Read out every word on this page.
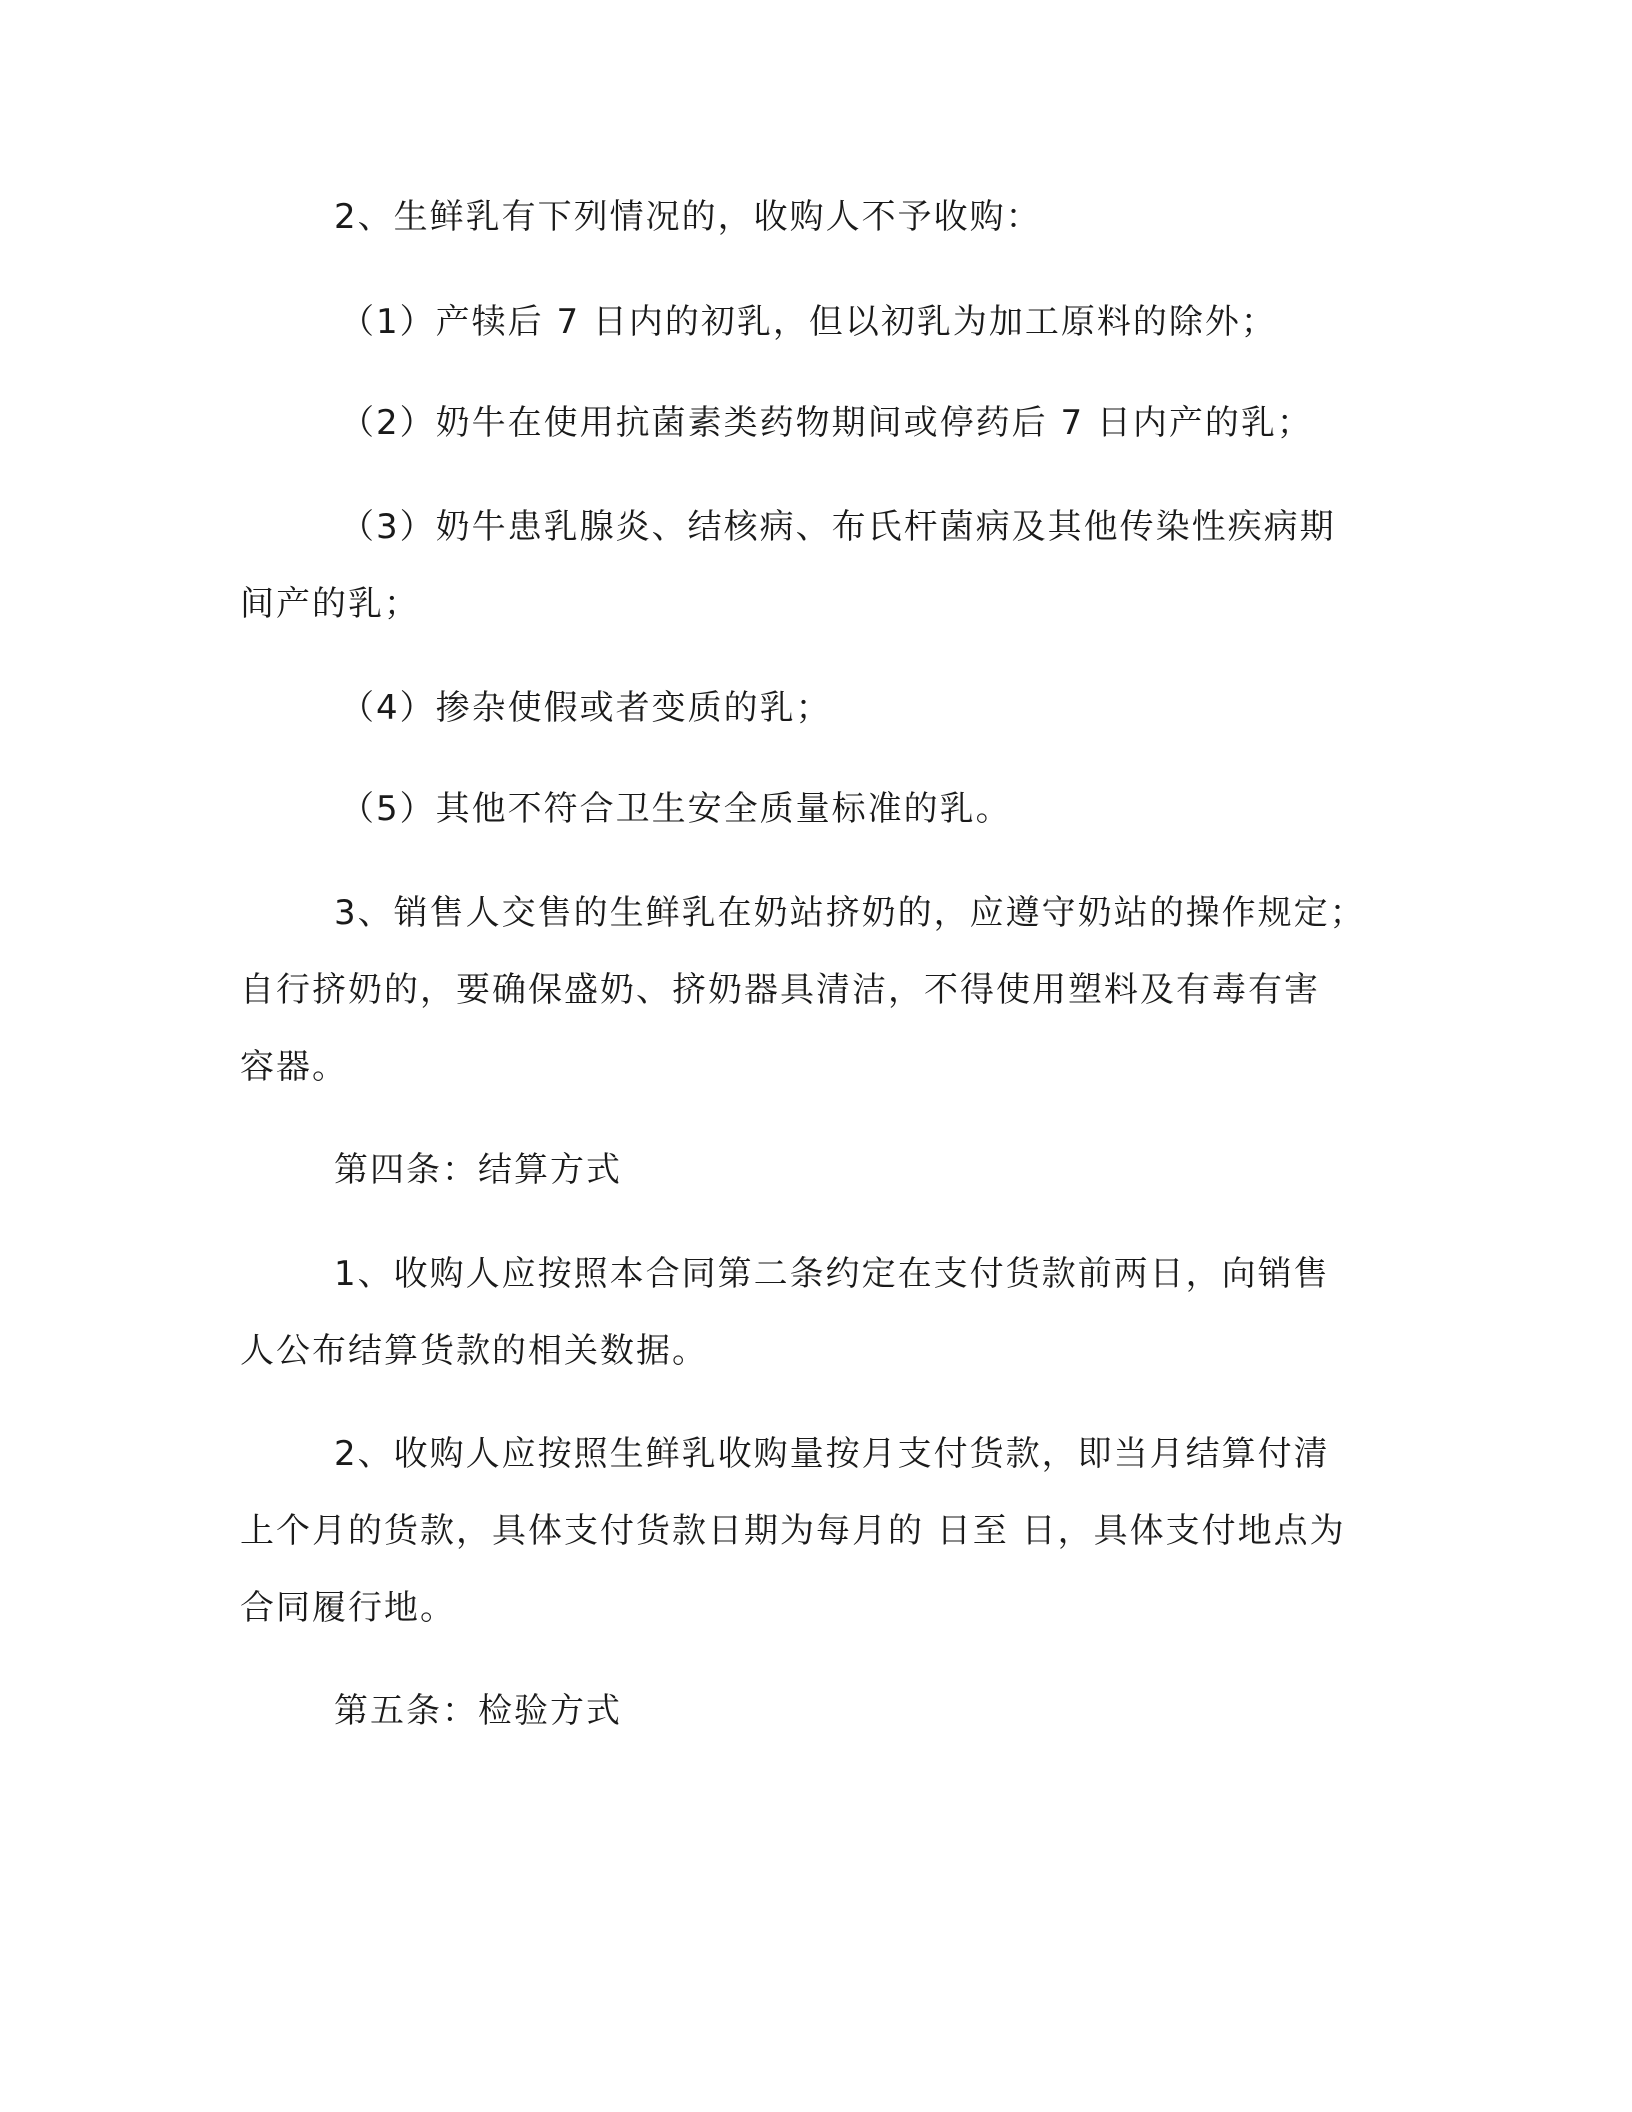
2、生鲜乳有下列情况的，收购人不予收购：

（1）产犊后 7 日内的初乳，但以初乳为加工原料的除外；

（2）奶牛在使用抗菌素类药物期间或停药后 7 日内产的乳；

（3）奶牛患乳腺炎、结核病、布氏杆菌病及其他传染性疾病期
间产的乳；

（4）掺杂使假或者变质的乳；

（5）其他不符合卫生安全质量标准的乳。

3、销售人交售的生鲜乳在奶站挤奶的，应遵守奶站的操作规定；
自行挤奶的，要确保盛奶、挤奶器具清洁，不得使用塑料及有毒有害
容器。

第四条：结算方式

1、收购人应按照本合同第二条约定在支付货款前两日，向销售
人公布结算货款的相关数据。

2、收购人应按照生鲜乳收购量按月支付货款，即当月结算付清
上个月的货款，具体支付货款日期为每月的 日至 日，具体支付地点为
合同履行地。

第五条：检验方式
